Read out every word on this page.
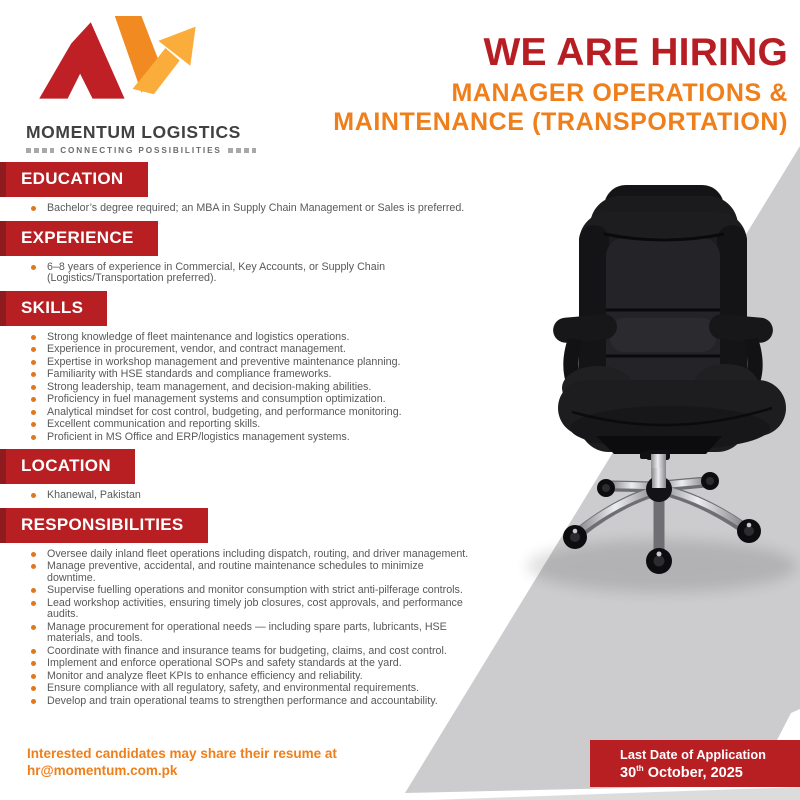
MOMENTUM LOGISTICS
CONNECTING POSSIBILITIES
WE ARE HIRING
MANAGER OPERATIONS &
MAINTENANCE (TRANSPORTATION)
EDUCATION
Bachelor’s degree required; an MBA in Supply Chain Management or Sales is preferred.
EXPERIENCE
6–8 years of experience in Commercial, Key Accounts, or Supply Chain (Logistics/Transportation preferred).
SKILLS
Strong knowledge of fleet maintenance and logistics operations.
Experience in procurement, vendor, and contract management.
Expertise in workshop management and preventive maintenance planning.
Familiarity with HSE standards and compliance frameworks.
Strong leadership, team management, and decision-making abilities.
Proficiency in fuel management systems and consumption optimization.
Analytical mindset for cost control, budgeting, and performance monitoring.
Excellent communication and reporting skills.
Proficient in MS Office and ERP/logistics management systems.
LOCATION
Khanewal, Pakistan
RESPONSIBILITIES
Oversee daily inland fleet operations including dispatch, routing, and driver management.
Manage preventive, accidental, and routine maintenance schedules to minimize downtime.
Supervise fuelling operations and monitor consumption with strict anti-pilferage controls.
Lead workshop activities, ensuring timely job closures, cost approvals, and performance audits.
Manage procurement for operational needs — including spare parts, lubricants, HSE materials, and tools.
Coordinate with finance and insurance teams for budgeting, claims, and cost control.
Implement and enforce operational SOPs and safety standards at the yard.
Monitor and analyze fleet KPIs to enhance efficiency and reliability.
Ensure compliance with all regulatory, safety, and environmental requirements.
Develop and train operational teams to strengthen performance and accountability.
Interested candidates may share their resume at
hr@momentum.com.pk
Last Date of Application
30th October, 2025
